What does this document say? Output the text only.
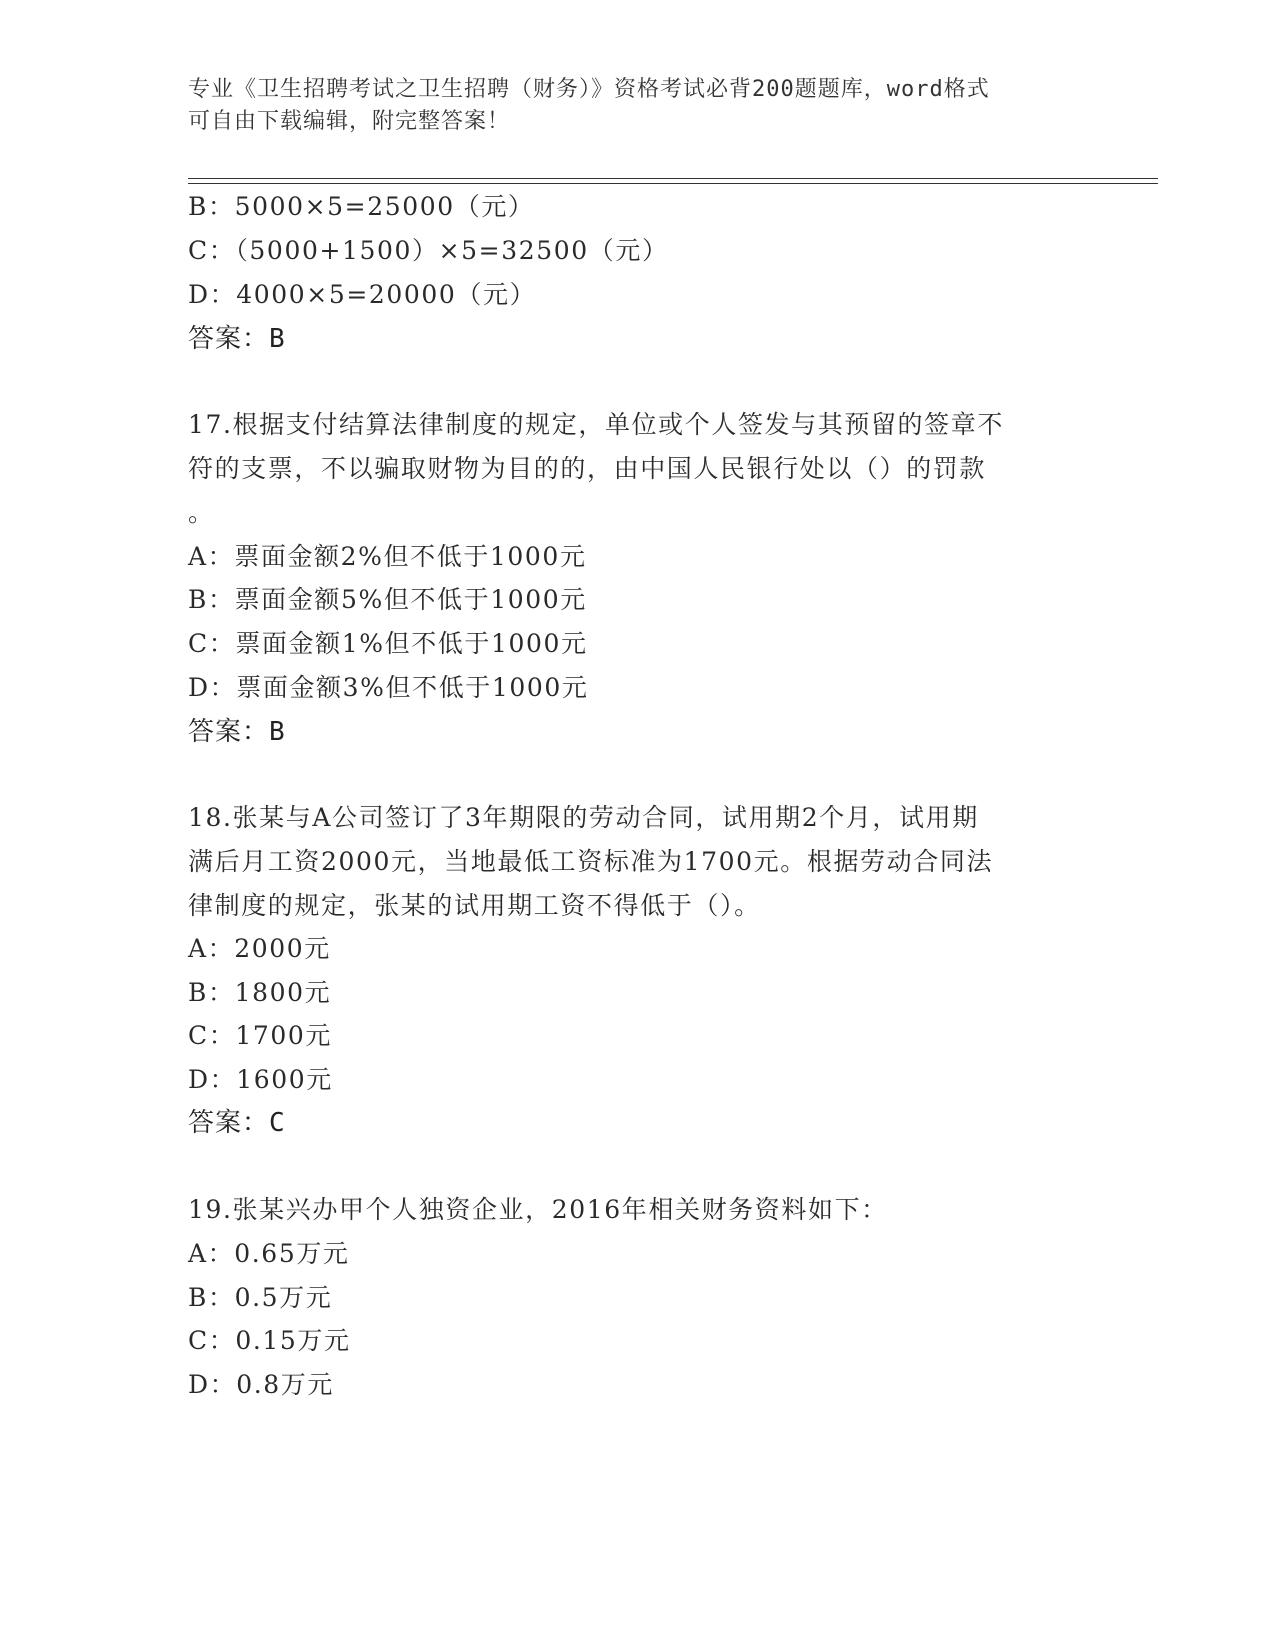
专业《卫生招聘考试之卫生招聘（财务）》资格考试必背200题题库，word格式
可自由下载编辑，附完整答案！
B：5000×5=25000（元）
C：（5000+1500）×5=32500（元）
D：4000×5=20000（元）
答案：B
17.根据支付结算法律制度的规定，单位或个人签发与其预留的签章不
符的支票，不以骗取财物为目的的，由中国人民银行处以（）的罚款
。
A：票面金额2%但不低于1000元
B：票面金额5%但不低于1000元
C：票面金额1%但不低于1000元
D：票面金额3%但不低于1000元
答案：B
18.张某与A公司签订了3年期限的劳动合同，试用期2个月，试用期
满后月工资2000元，当地最低工资标准为1700元。根据劳动合同法
律制度的规定，张某的试用期工资不得低于（）。
A：2000元
B：1800元
C：1700元
D：1600元
答案：C
19.张某兴办甲个人独资企业，2016年相关财务资料如下：
A：0.65万元
B：0.5万元
C：0.15万元
D：0.8万元
